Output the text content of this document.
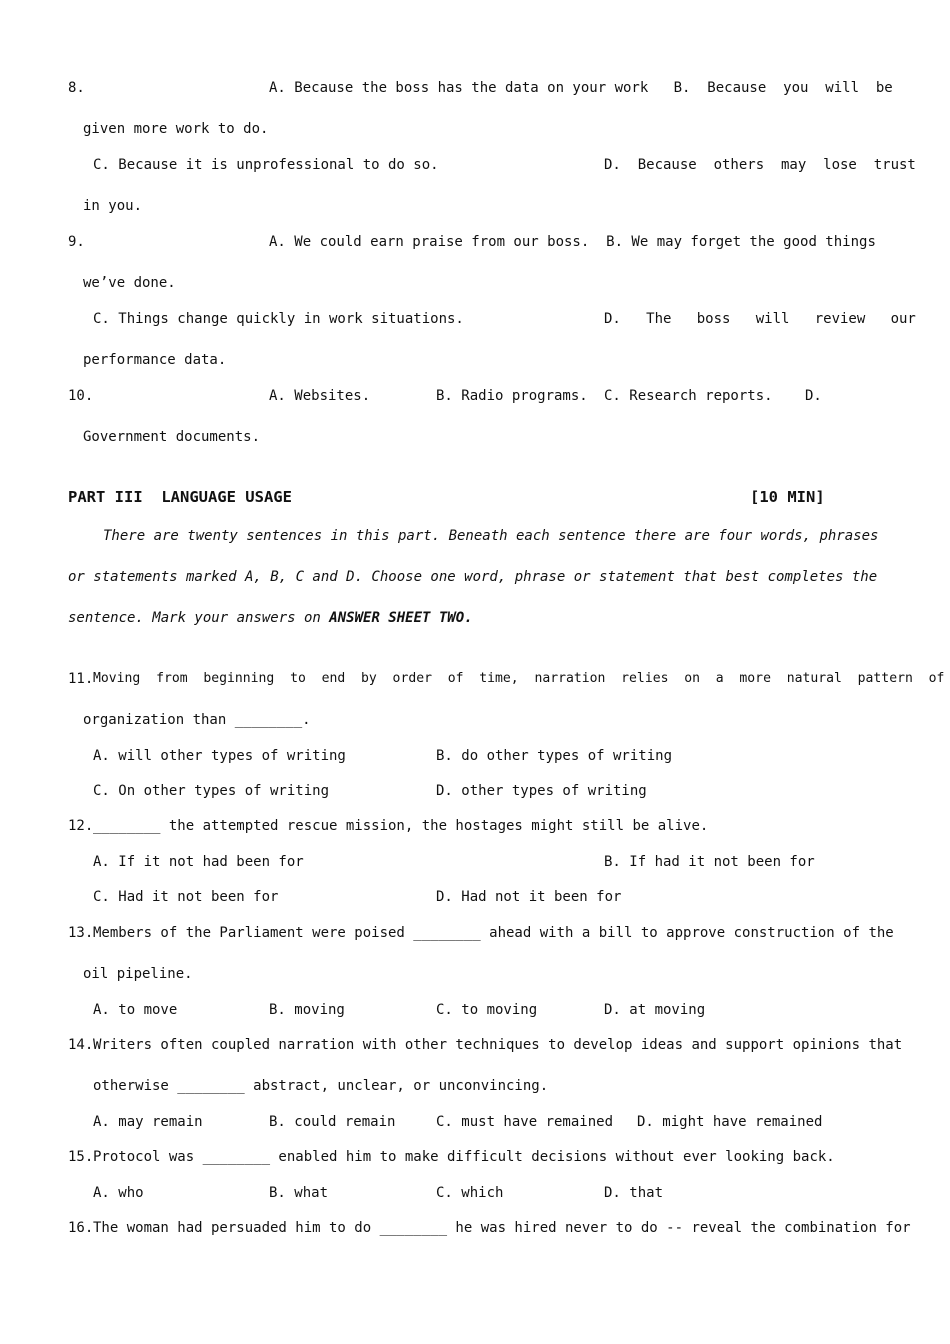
8.	A. Because the boss has the data on your work   B.  Because  you  will  be
given more work to do.
C. Because it is unprofessional to do so.	D.  Because  others  may  lose  trust
in you.
9.	A. We could earn praise from our boss.  B. We may forget the good things
we’ve done.
C. Things change quickly in work situations.	D.   The   boss   will   review   our
performance data.
10.	A. Websites.	B. Radio programs. C. Research reports. D.
Government documents.
PART III  LANGUAGE USAGE	[10 MIN]
There are twenty sentences in this part. Beneath each sentence there are four words, phrases
or statements marked A, B, C and D. Choose one word, phrase or statement that best completes the
sentence. Mark your answers on ANSWER SHEET TWO.
11. Moving  from  beginning  to  end  by  order  of  time,  narration  relies  on  a  more  natural  pattern  of
organization than ________.
A. will other types of writing	B. do other types of writing
C. On other types of writing	D. other types of writing
12. ________ the attempted rescue mission, the hostages might still be alive.
A. If it not had been for	B. If had it not been for
C. Had it not been for	D. Had not it been for
13. Members of the Parliament were poised ________ ahead with a bill to approve construction of the
oil pipeline.
A. to move	B. moving	C. to moving	D. at moving
14. Writers often coupled narration with other techniques to develop ideas and support opinions that
otherwise ________ abstract, unclear, or unconvincing.
A. may remain	B. could remain	C. must have remained D. might have remained
15. Protocol was ________ enabled him to make difficult decisions without ever looking back.
A. who	B. what	C. which	D. that
16. The woman had persuaded him to do ________ he was hired never to do -- reveal the combination for
